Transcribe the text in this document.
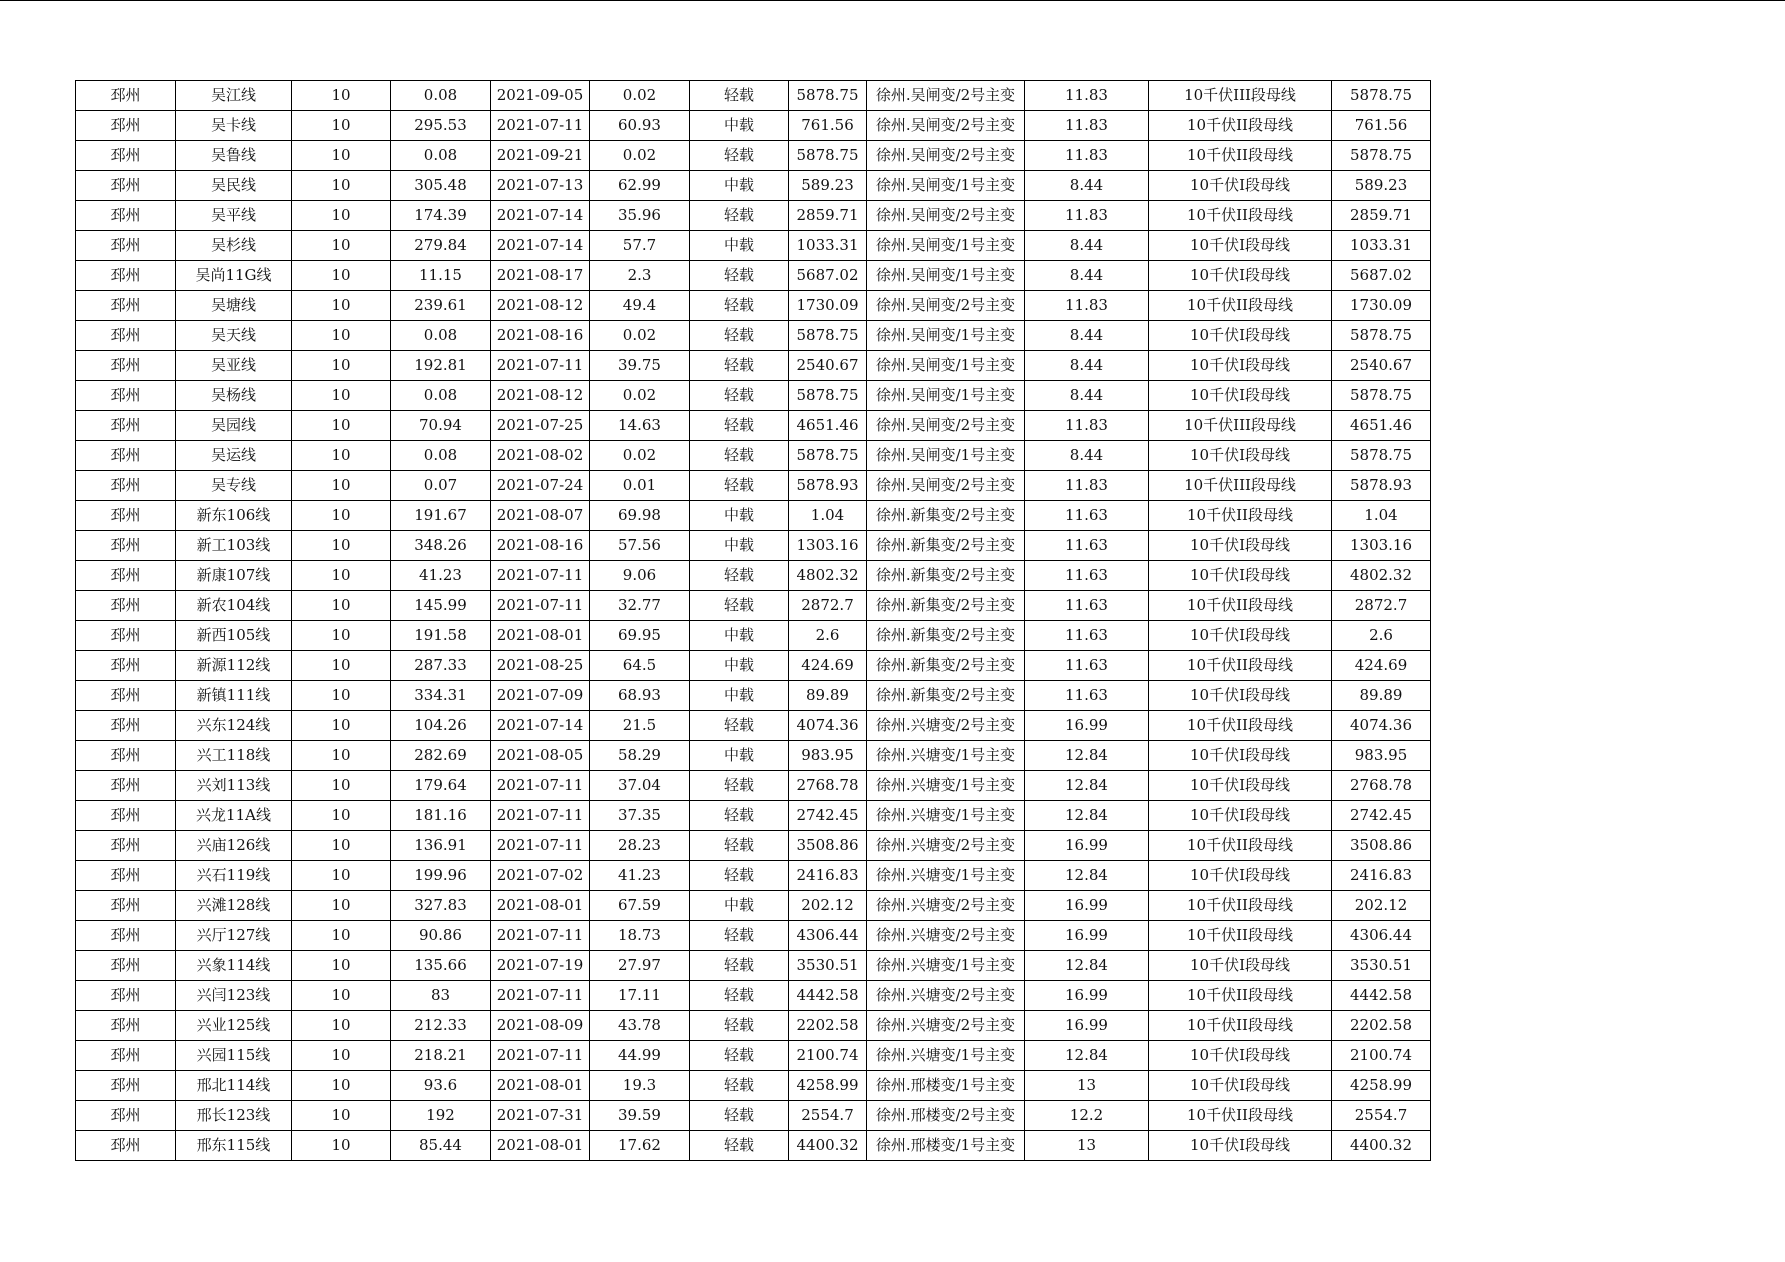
邳州	吴江线	10	0.08	2021-09-05	0.02	轻载	5878.75	徐州.吴闸变/2号主变	11.83	10千伏III段母线	5878.75
邳州	吴卡线	10	295.53	2021-07-11	60.93	中载	761.56	徐州.吴闸变/2号主变	11.83	10千伏II段母线	761.56
邳州	吴鲁线	10	0.08	2021-09-21	0.02	轻载	5878.75	徐州.吴闸变/2号主变	11.83	10千伏II段母线	5878.75
邳州	吴民线	10	305.48	2021-07-13	62.99	中载	589.23	徐州.吴闸变/1号主变	8.44	10千伏I段母线	589.23
邳州	吴平线	10	174.39	2021-07-14	35.96	轻载	2859.71	徐州.吴闸变/2号主变	11.83	10千伏II段母线	2859.71
邳州	吴杉线	10	279.84	2021-07-14	57.7	中载	1033.31	徐州.吴闸变/1号主变	8.44	10千伏I段母线	1033.31
邳州	吴尚11G线	10	11.15	2021-08-17	2.3	轻载	5687.02	徐州.吴闸变/1号主变	8.44	10千伏I段母线	5687.02
邳州	吴塘线	10	239.61	2021-08-12	49.4	轻载	1730.09	徐州.吴闸变/2号主变	11.83	10千伏II段母线	1730.09
邳州	吴天线	10	0.08	2021-08-16	0.02	轻载	5878.75	徐州.吴闸变/1号主变	8.44	10千伏I段母线	5878.75
邳州	吴亚线	10	192.81	2021-07-11	39.75	轻载	2540.67	徐州.吴闸变/1号主变	8.44	10千伏I段母线	2540.67
邳州	吴杨线	10	0.08	2021-08-12	0.02	轻载	5878.75	徐州.吴闸变/1号主变	8.44	10千伏I段母线	5878.75
邳州	吴园线	10	70.94	2021-07-25	14.63	轻载	4651.46	徐州.吴闸变/2号主变	11.83	10千伏III段母线	4651.46
邳州	吴运线	10	0.08	2021-08-02	0.02	轻载	5878.75	徐州.吴闸变/1号主变	8.44	10千伏I段母线	5878.75
邳州	吴专线	10	0.07	2021-07-24	0.01	轻载	5878.93	徐州.吴闸变/2号主变	11.83	10千伏III段母线	5878.93
邳州	新东106线	10	191.67	2021-08-07	69.98	中载	1.04	徐州.新集变/2号主变	11.63	10千伏II段母线	1.04
邳州	新工103线	10	348.26	2021-08-16	57.56	中载	1303.16	徐州.新集变/2号主变	11.63	10千伏I段母线	1303.16
邳州	新康107线	10	41.23	2021-07-11	9.06	轻载	4802.32	徐州.新集变/2号主变	11.63	10千伏I段母线	4802.32
邳州	新农104线	10	145.99	2021-07-11	32.77	轻载	2872.7	徐州.新集变/2号主变	11.63	10千伏II段母线	2872.7
邳州	新西105线	10	191.58	2021-08-01	69.95	中载	2.6	徐州.新集变/2号主变	11.63	10千伏I段母线	2.6
邳州	新源112线	10	287.33	2021-08-25	64.5	中载	424.69	徐州.新集变/2号主变	11.63	10千伏II段母线	424.69
邳州	新镇111线	10	334.31	2021-07-09	68.93	中载	89.89	徐州.新集变/2号主变	11.63	10千伏I段母线	89.89
邳州	兴东124线	10	104.26	2021-07-14	21.5	轻载	4074.36	徐州.兴塘变/2号主变	16.99	10千伏II段母线	4074.36
邳州	兴工118线	10	282.69	2021-08-05	58.29	中载	983.95	徐州.兴塘变/1号主变	12.84	10千伏I段母线	983.95
邳州	兴刘113线	10	179.64	2021-07-11	37.04	轻载	2768.78	徐州.兴塘变/1号主变	12.84	10千伏I段母线	2768.78
邳州	兴龙11A线	10	181.16	2021-07-11	37.35	轻载	2742.45	徐州.兴塘变/1号主变	12.84	10千伏I段母线	2742.45
邳州	兴庙126线	10	136.91	2021-07-11	28.23	轻载	3508.86	徐州.兴塘变/2号主变	16.99	10千伏II段母线	3508.86
邳州	兴石119线	10	199.96	2021-07-02	41.23	轻载	2416.83	徐州.兴塘变/1号主变	12.84	10千伏I段母线	2416.83
邳州	兴滩128线	10	327.83	2021-08-01	67.59	中载	202.12	徐州.兴塘变/2号主变	16.99	10千伏II段母线	202.12
邳州	兴厅127线	10	90.86	2021-07-11	18.73	轻载	4306.44	徐州.兴塘变/2号主变	16.99	10千伏II段母线	4306.44
邳州	兴象114线	10	135.66	2021-07-19	27.97	轻载	3530.51	徐州.兴塘变/1号主变	12.84	10千伏I段母线	3530.51
邳州	兴闫123线	10	83	2021-07-11	17.11	轻载	4442.58	徐州.兴塘变/2号主变	16.99	10千伏II段母线	4442.58
邳州	兴业125线	10	212.33	2021-08-09	43.78	轻载	2202.58	徐州.兴塘变/2号主变	16.99	10千伏II段母线	2202.58
邳州	兴园115线	10	218.21	2021-07-11	44.99	轻载	2100.74	徐州.兴塘变/1号主变	12.84	10千伏I段母线	2100.74
邳州	邢北114线	10	93.6	2021-08-01	19.3	轻载	4258.99	徐州.邢楼变/1号主变	13	10千伏I段母线	4258.99
邳州	邢长123线	10	192	2021-07-31	39.59	轻载	2554.7	徐州.邢楼变/2号主变	12.2	10千伏II段母线	2554.7
邳州	邢东115线	10	85.44	2021-08-01	17.62	轻载	4400.32	徐州.邢楼变/1号主变	13	10千伏I段母线	4400.32
